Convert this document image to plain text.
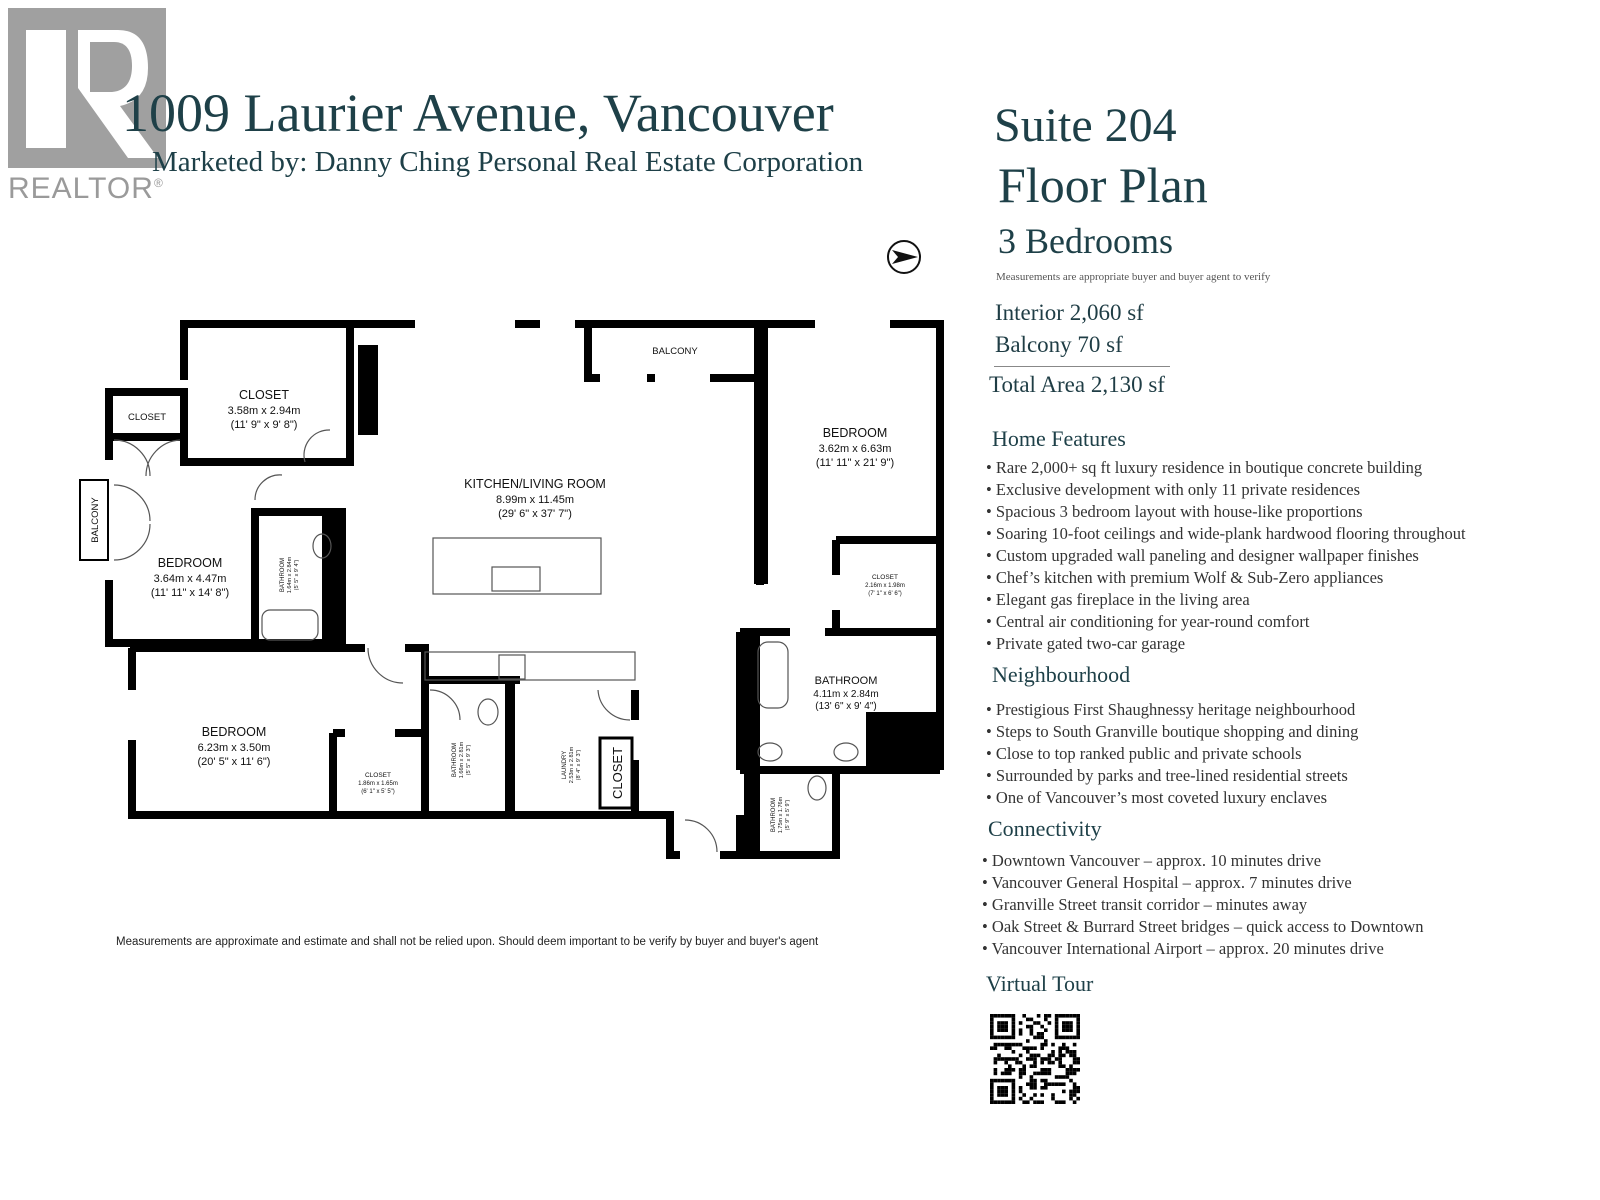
REALTOR®
1009 Laurier Avenue, Vancouver
Marketed by: Danny Ching Personal Real Estate Corporation
Suite 204
Floor Plan
3 Bedrooms
Measurements are appropriate buyer and buyer agent to verify
Interior 2,060 sf
Balcony 70 sf
Total Area 2,130 sf
Home Features
• Rare 2,000+ sq ft luxury residence in boutique concrete building
• Exclusive development with only 11 private residences
• Spacious 3 bedroom layout with house-like proportions
• Soaring 10-foot ceilings and wide-plank hardwood flooring throughout
• Custom upgraded wall paneling and designer wallpaper finishes
• Chef’s kitchen with premium Wolf & Sub-Zero appliances
• Elegant gas fireplace in the living area
• Central air conditioning for year-round comfort
• Private gated two-car garage
Neighbourhood
• Prestigious First Shaughnessy heritage neighbourhood
• Steps to South Granville boutique shopping and dining
• Close to top ranked public and private schools
• Surrounded by parks and tree-lined residential streets
• One of Vancouver’s most coveted luxury enclaves
Connectivity
• Downtown Vancouver – approx. 10 minutes drive
• Vancouver General Hospital – approx. 7 minutes drive
• Granville Street transit corridor – minutes away
• Oak Street & Burrard Street bridges – quick access to Downtown
• Vancouver International Airport – approx. 20 minutes drive
Virtual Tour
Measurements are approximate and estimate and shall not be relied upon. Should deem important to be verify by buyer and buyer's agent
CLOSET
3.58m x 2.94m
(11' 9" x 9' 8")
CLOSET
BALCONY
BALCONY
BEDROOM
3.64m x 4.47m
(11' 11" x 14' 8")
BATHROOM 1.64m x 2.84m (5' 5" x 9' 4")
KITCHEN/LIVING ROOM
8.99m x 11.45m
(29' 6" x 37' 7")
BEDROOM
3.62m x 6.63m
(11' 11" x 21' 9")
CLOSET
2.16m x 1.98m
(7' 1" x 6' 6")
BATHROOM
4.11m x 2.84m
(13' 6" x 9' 4")
BEDROOM
6.23m x 3.50m
(20' 5" x 11' 6")
CLOSET
1.86m x 1.65m
(6' 1" x 5' 5")
BATHROOM 1.66m x 2.81m (5' 5" x 9' 3")	LAUNDRY 2.53m x 2.81m (8' 4" x 9' 3") CLOSET
BATHROOM 1.75m x 1.76m (5' 9" x 5' 9")
